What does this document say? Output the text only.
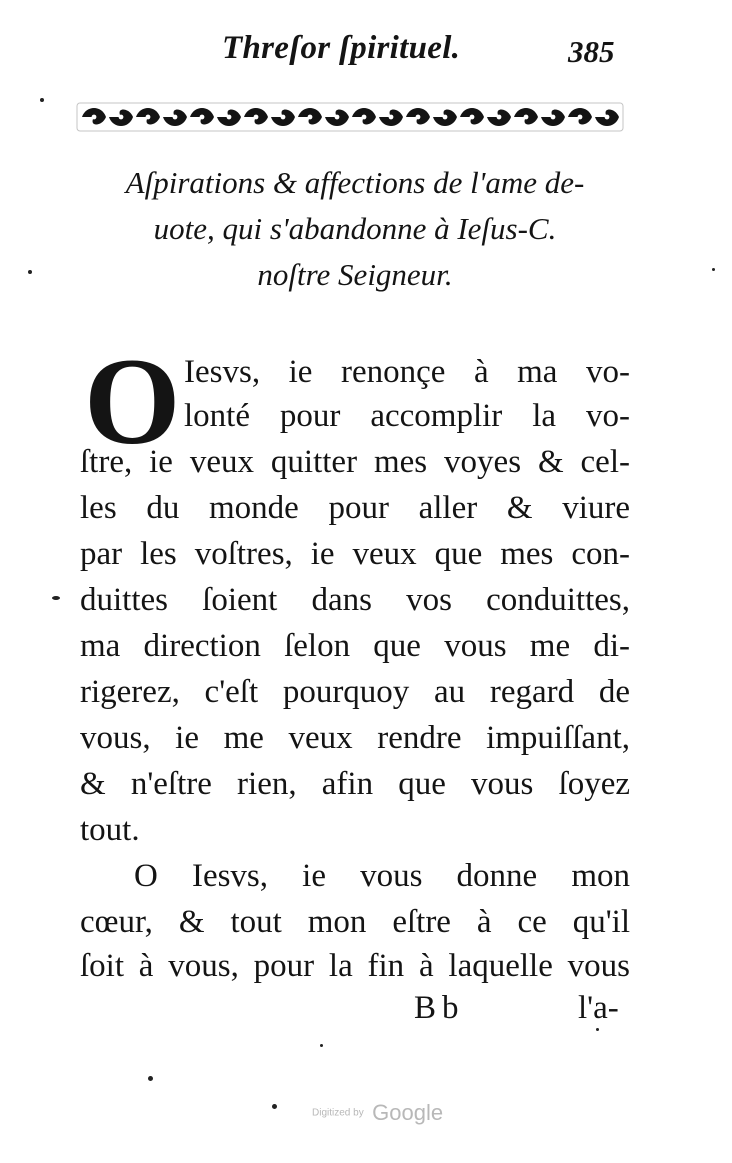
Threſor ſpirituel.	385
Aſpirations & affections de l'ame de-
uote, qui s'abandonne à Ieſus-C.
noſtre Seigneur.
O Iesvs, ie renonçe à ma vo-
lonté pour accomplir la vo-
ſtre, ie veux quitter mes voyes & cel-
les du monde pour aller & viure
par les voſtres, ie veux que mes con-
duittes ſoient dans vos conduittes,
ma direction ſelon que vous me di-
rigerez, c'eſt pourquoy au regard de
vous, ie me veux rendre impuiſſant,
& n'eſtre rien, afin que vous ſoyez
tout.
O Iesvs, ie vous donne mon
cœur, & tout mon eſtre à ce qu'il
ſoit à vous, pour la fin à laquelle vous
Bb	l'a-
Digitized by Google
